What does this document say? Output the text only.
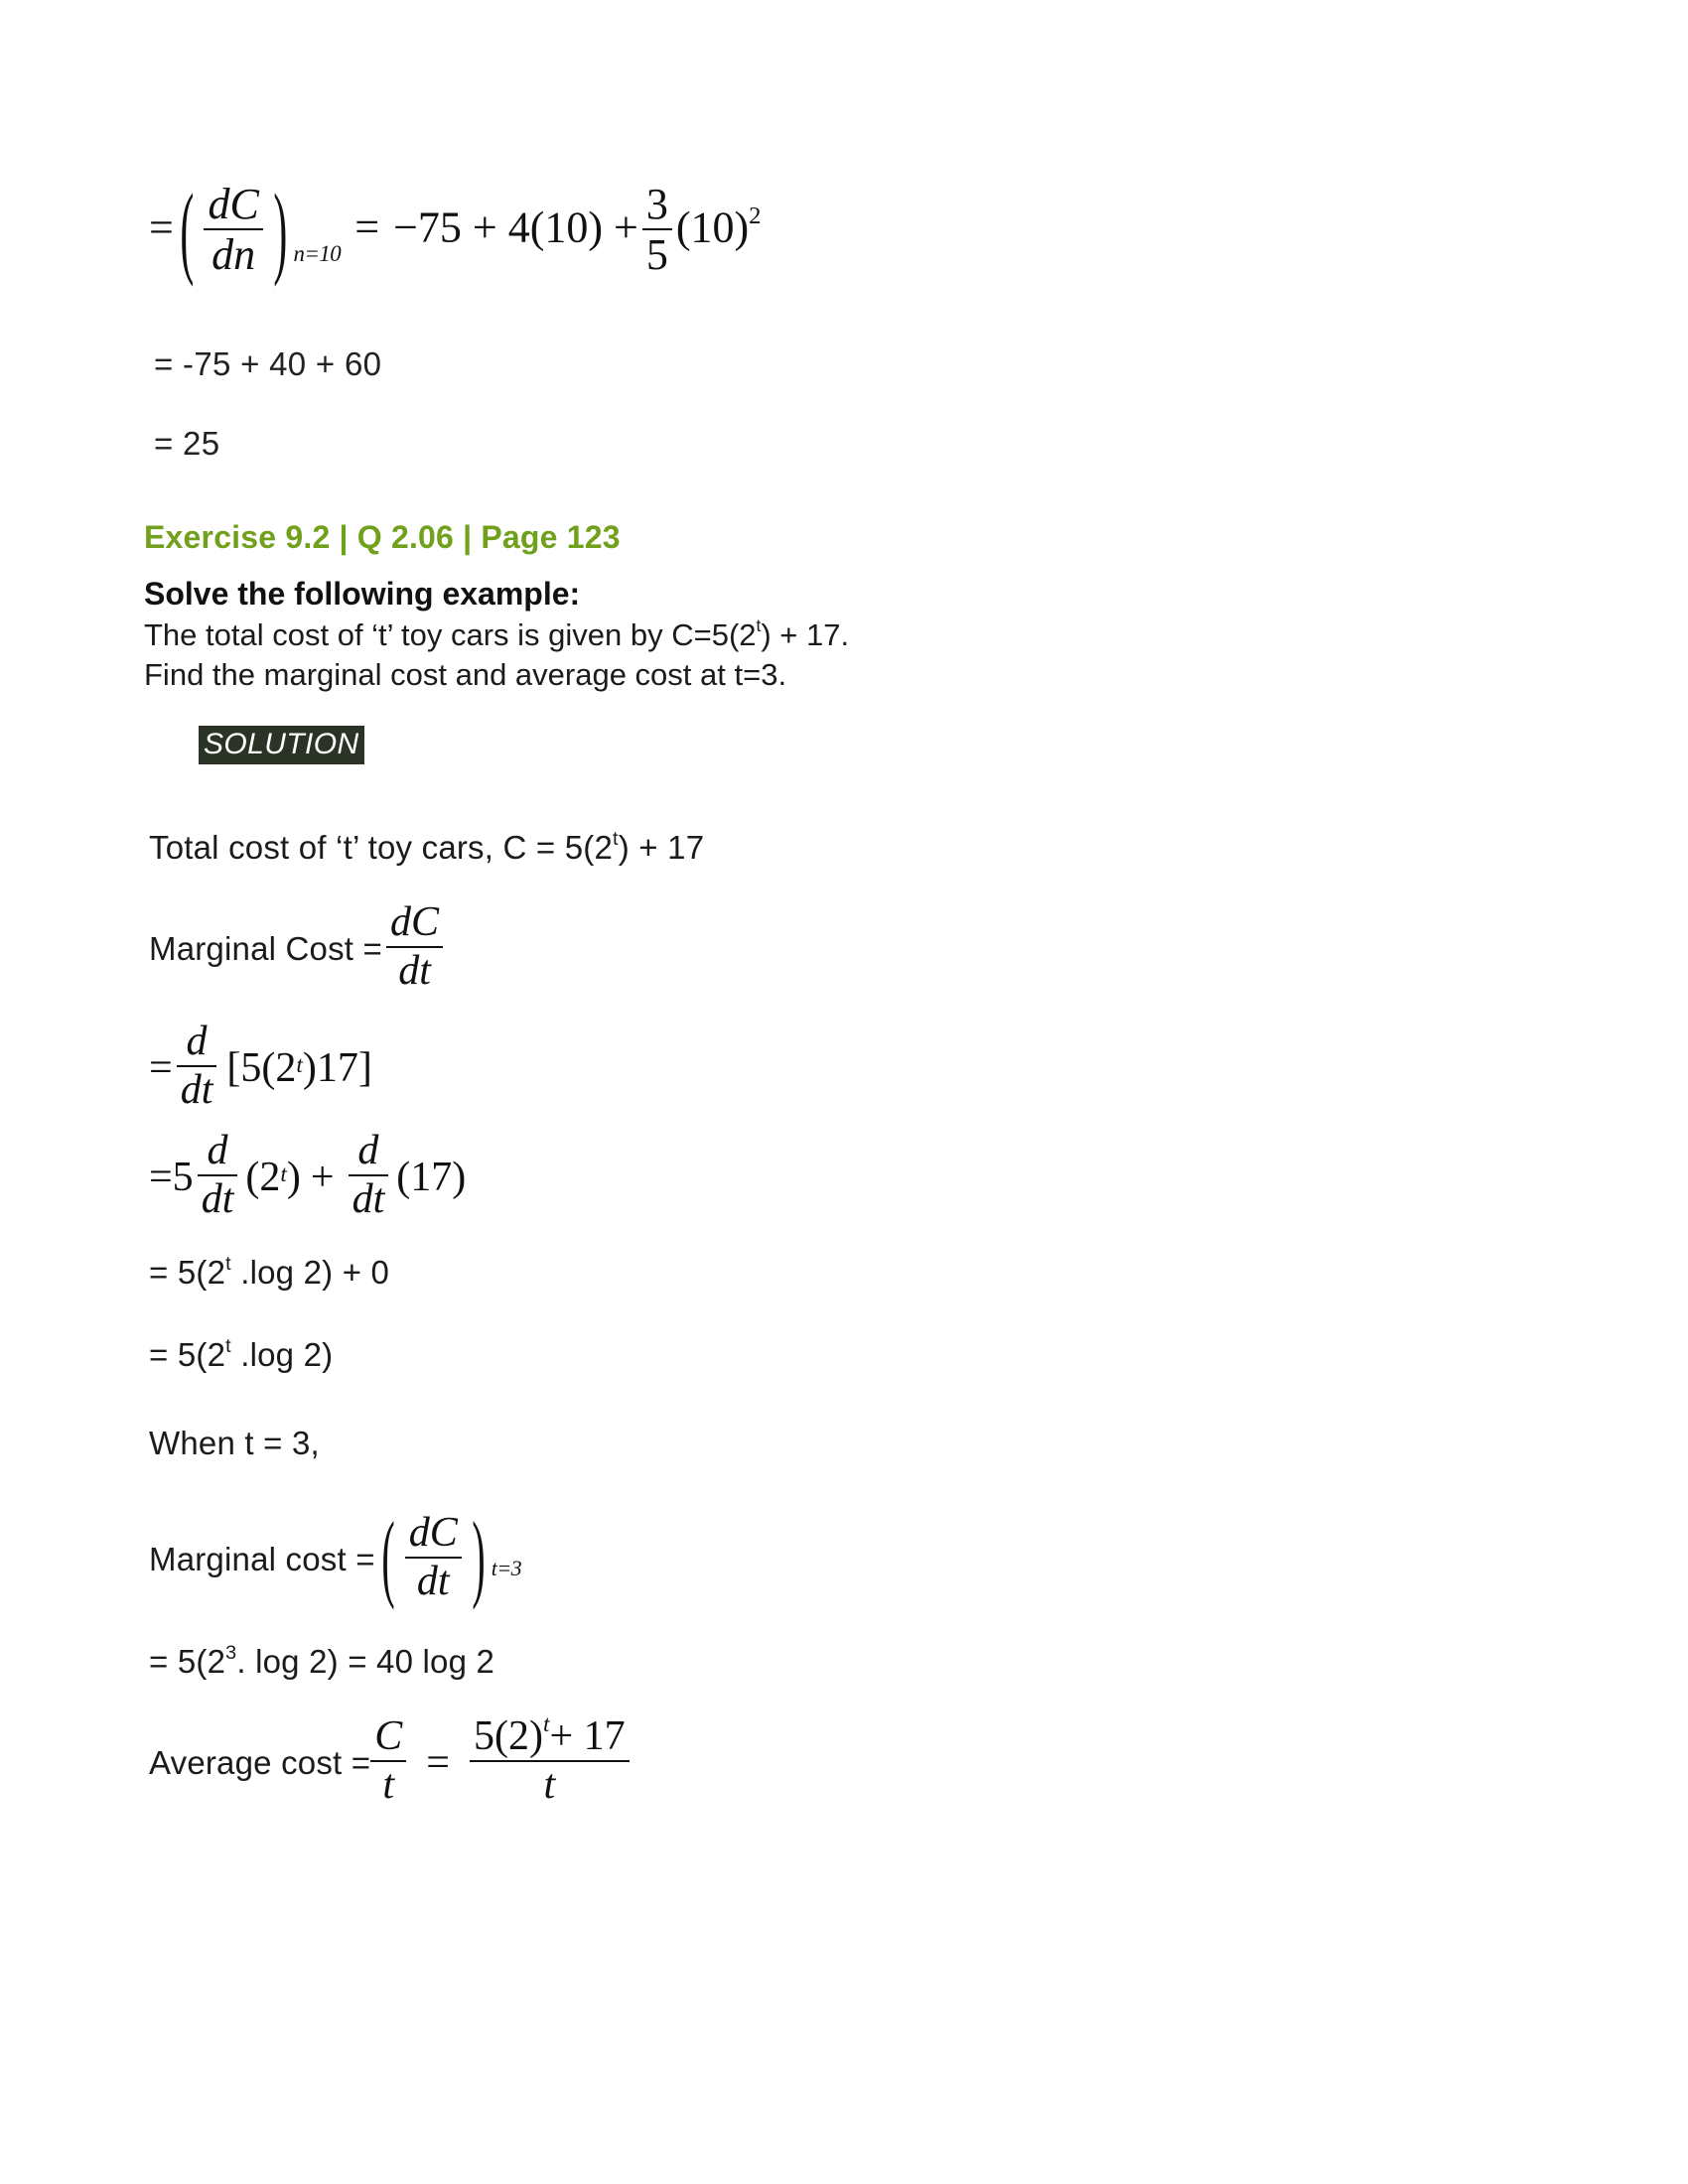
= ( $\frac{dC}{dn}$ ) $_{n=10}= -75 + 4(10) + \frac{3}{5} (10)^2$
= -75 + 40 + 60
= 25
Exercise 9.2 | Q 2.06 | Page 123
Solve the following example:
The total cost of ‘t’ toy cars is given by $C=5(2^t) + 17$.
Find the marginal cost and average cost at t=3.
SOLUTION
Total cost of ‘t’ toy cars, $C = 5(2^t) + 17$
Marginal Cost = $\frac{dC}{dt}$
= $\frac{d}{dt} [5$ (2 t ) 17]
$=5 \frac{d}{dt} (2$ t ) + $\frac{d}{dt} (17)$
= $5(2^t$ .log 2) + 0
= $5(2^t$ .log 2)
When t = 3,
Marginal cost = ( $\frac{dC}{dt}$ ) t=3
= $5(2^3$. log 2) = 40 log 2
Average $\cos t = \frac{C}{t} = \frac{5(2)^t+ 17}{t}$
